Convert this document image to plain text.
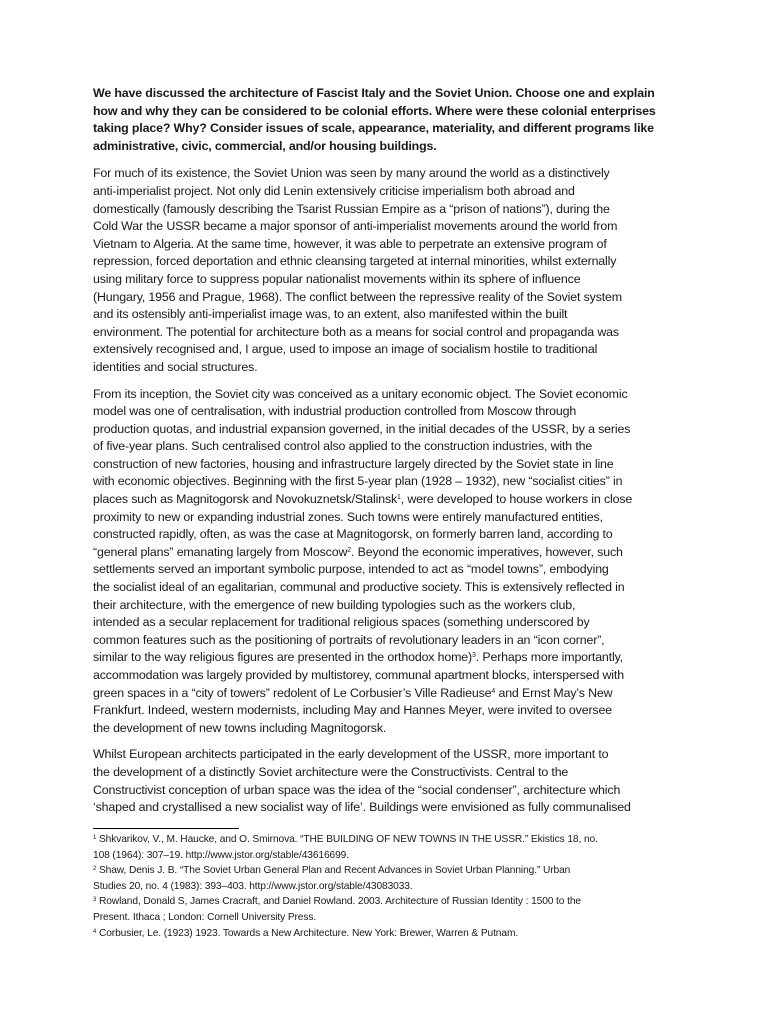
We have discussed the architecture of Fascist Italy and the Soviet Union. Choose one and explain how and why they can be considered to be colonial efforts. Where were these colonial enterprises taking place? Why? Consider issues of scale, appearance, materiality, and different programs like administrative, civic, commercial, and/or housing buildings.

For much of its existence, the Soviet Union was seen by many around the world as a distinctively
anti-imperialist project. Not only did Lenin extensively criticise imperialism both abroad and
domestically (famously describing the Tsarist Russian Empire as a “prison of nations”), during the
Cold War the USSR became a major sponsor of anti-imperialist movements around the world from
Vietnam to Algeria. At the same time, however, it was able to perpetrate an extensive program of
repression, forced deportation and ethnic cleansing targeted at internal minorities, whilst externally
using military force to suppress popular nationalist movements within its sphere of influence
(Hungary, 1956 and Prague, 1968). The conflict between the repressive reality of the Soviet system
and its ostensibly anti-imperialist image was, to an extent, also manifested within the built
environment. The potential for architecture both as a means for social control and propaganda was
extensively recognised and, I argue, used to impose an image of socialism hostile to traditional
identities and social structures.
From its inception, the Soviet city was conceived as a unitary economic object. The Soviet economic
model was one of centralisation, with industrial production controlled from Moscow through
production quotas, and industrial expansion governed, in the initial decades of the USSR, by a series
of five-year plans. Such centralised control also applied to the construction industries, with the
construction of new factories, housing and infrastructure largely directed by the Soviet state in line
with economic objectives. Beginning with the first 5-year plan (1928 – 1932), new “socialist cities” in
places such as Magnitogorsk and Novokuznetsk/Stalinsk$^1$, were developed to house workers in close
proximity to new or expanding industrial zones. Such towns were entirely manufactured entities,
constructed rapidly, often, as was the case at Magnitogorsk, on formerly barren land, according to
“general plans” emanating largely from Moscow$^2$. Beyond the economic imperatives, however, such
settlements served an important symbolic purpose, intended to act as “model towns”, embodying
the socialist ideal of an egalitarian, communal and productive society. This is extensively reflected in
their architecture, with the emergence of new building typologies such as the workers club,
intended as a secular replacement for traditional religious spaces (something underscored by
common features such as the positioning of portraits of revolutionary leaders in an “icon corner”,
similar to the way religious figures are presented in the orthodox home)$^3$. Perhaps more importantly,
accommodation was largely provided by multistorey, communal apartment blocks, interspersed with
green spaces in a “city of towers” redolent of Le Corbusier’s Ville Radieuse$^4$ and Ernst May’s New
Frankfurt. Indeed, western modernists, including May and Hannes Meyer, were invited to oversee
the development of new towns including Magnitogorsk.
Whilst European architects participated in the early development of the USSR, more important to
the development of a distinctly Soviet architecture were the Constructivists. Central to the
Constructivist conception of urban space was the idea of the “social condenser”, architecture which
‘shaped and crystallised a new socialist way of life’. Buildings were envisioned as fully communalised
$^1$ Shkvarikov, V., M. Haucke, and O. Smirnova. “THE BUILDING OF NEW TOWNS IN THE USSR.” Ekistics 18, no.
108 (1964): 307–19. http://www.jstor.org/stable/43616699.
$^2$ Shaw, Denis J. B. “The Soviet Urban General Plan and Recent Advances in Soviet Urban Planning.” Urban
Studies 20, no. 4 (1983): 393–403. http://www.jstor.org/stable/43083033.
$^3$ Rowland, Donald S, James Cracraft, and Daniel Rowland. 2003. Architecture of Russian Identity : 1500 to the
Present. Ithaca ; London: Cornell University Press.
$^4$ Corbusier, Le. (1923) 1923. Towards a New Architecture. New York: Brewer, Warren & Putnam.
